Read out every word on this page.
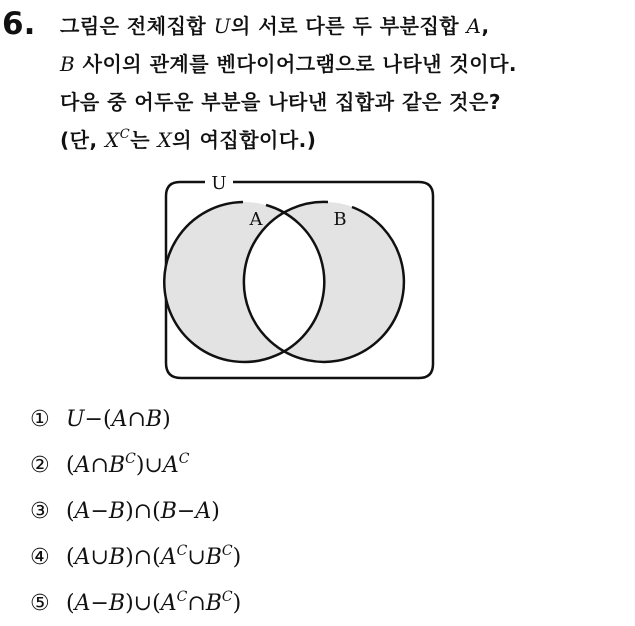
6. 그림은 전체집합 U의 서로 다른 두 부분집합 A,
B 사이의 관계를 벤다이어그램으로 나타낸 것이다.
다음 중 어두운 부분을 나타낸 집합과 같은 것은?
(단, $X^C$는 X의 여집합이다.)
U
A	B
① U−(A∩B)
② $(A\cap B^C)\cup A^C$
③ (A−B)∩(B−A)
④ $(A\cup B)\cap(A^C\cup B^C)$
⑤ $(A-B)\cup(A^C\cap B^C)$
